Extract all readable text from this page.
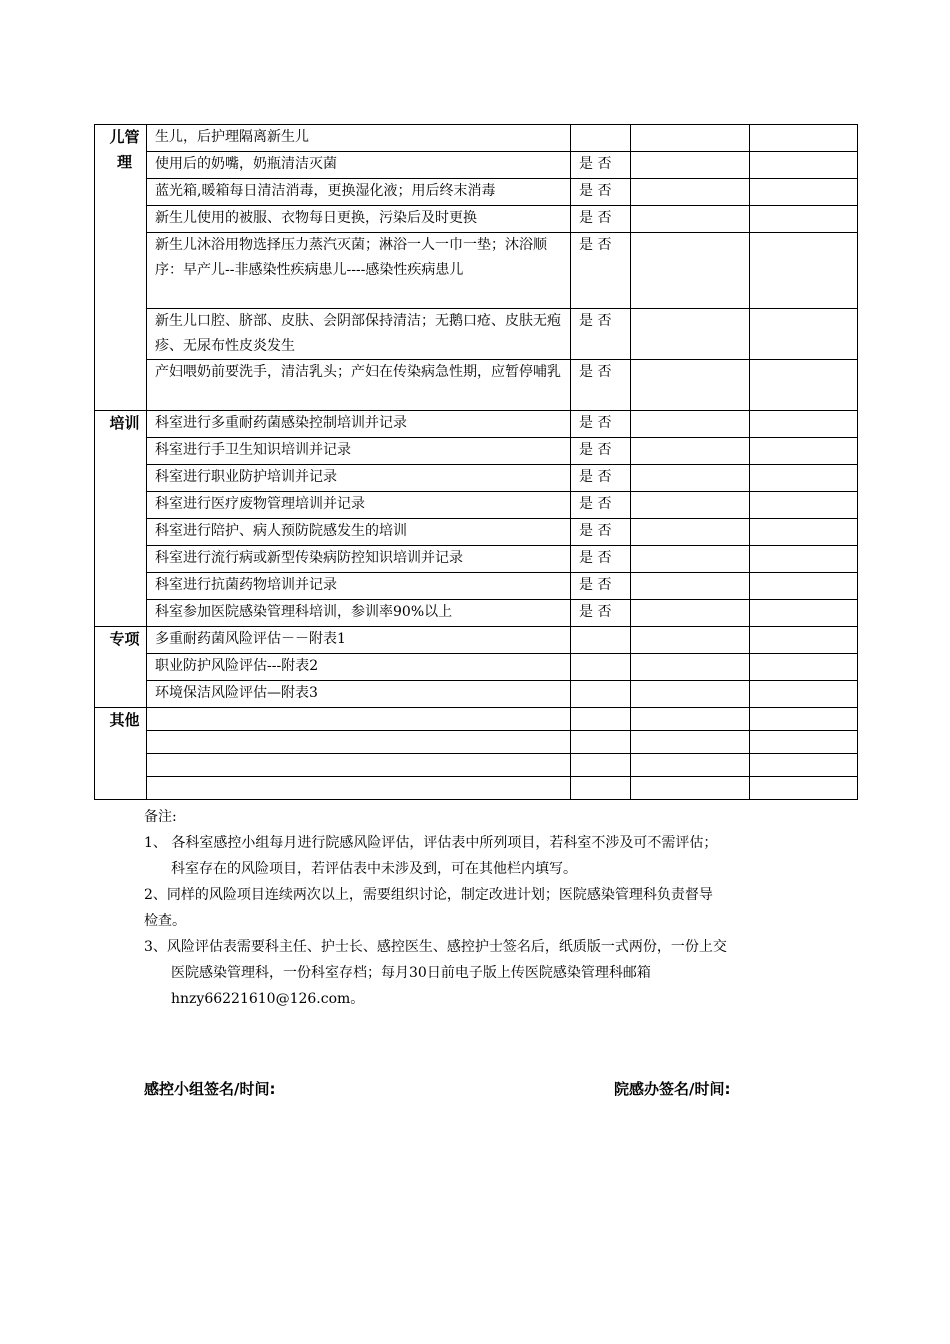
儿管理	生儿，后护理隔离新生儿			
	使用后的奶嘴，奶瓶清洁灭菌	是 否		
	蓝光箱,暖箱每日清洁消毒，更换湿化液；用后终末消毒	是 否		
	新生儿使用的被服、衣物每日更换，污染后及时更换	是 否		
	新生儿沐浴用物选择压力蒸汽灭菌；淋浴一人一巾一垫；沐浴顺序：早产儿--非感染性疾病患儿----感染性疾病患儿	是 否		
	新生儿口腔、脐部、皮肤、会阴部保持清洁；无鹅口疮、皮肤无疱疹、无尿布性皮炎发生	是 否		
	产妇喂奶前要洗手，清洁乳头；产妇在传染病急性期，应暂停哺乳	是 否		
培训	科室进行多重耐药菌感染控制培训并记录	是 否		
	科室进行手卫生知识培训并记录	是 否		
	科室进行职业防护培训并记录	是 否		
	科室进行医疗废物管理培训并记录	是 否		
	科室进行陪护、病人预防院感发生的培训	是 否		
	科室进行流行病或新型传染病防控知识培训并记录	是 否		
	科室进行抗菌药物培训并记录	是 否		
	科室参加医院感染管理科培训，参训率90%以上	是 否		
专项	多重耐药菌风险评估－－附表1			
	职业防护风险评估---附表2			
	环境保洁风险评估—附表3			
其他				

备注:

1、 各科室感控小组每月进行院感风险评估，评估表中所列项目，若科室不涉及可不需评估；

科室存在的风险项目，若评估表中未涉及到，可在其他栏内填写。

2、同样的风险项目连续两次以上，需要组织讨论，制定改进计划；医院感染管理科负责督导

检查。

3、风险评估表需要科主任、护士长、感控医生、感控护士签名后，纸质版一式两份，一份上交

医院感染管理科，一份科室存档；每月30日前电子版上传医院感染管理科邮箱

hnzy66221610@126.com。

感控小组签名/时间:	院感办签名/时间:
